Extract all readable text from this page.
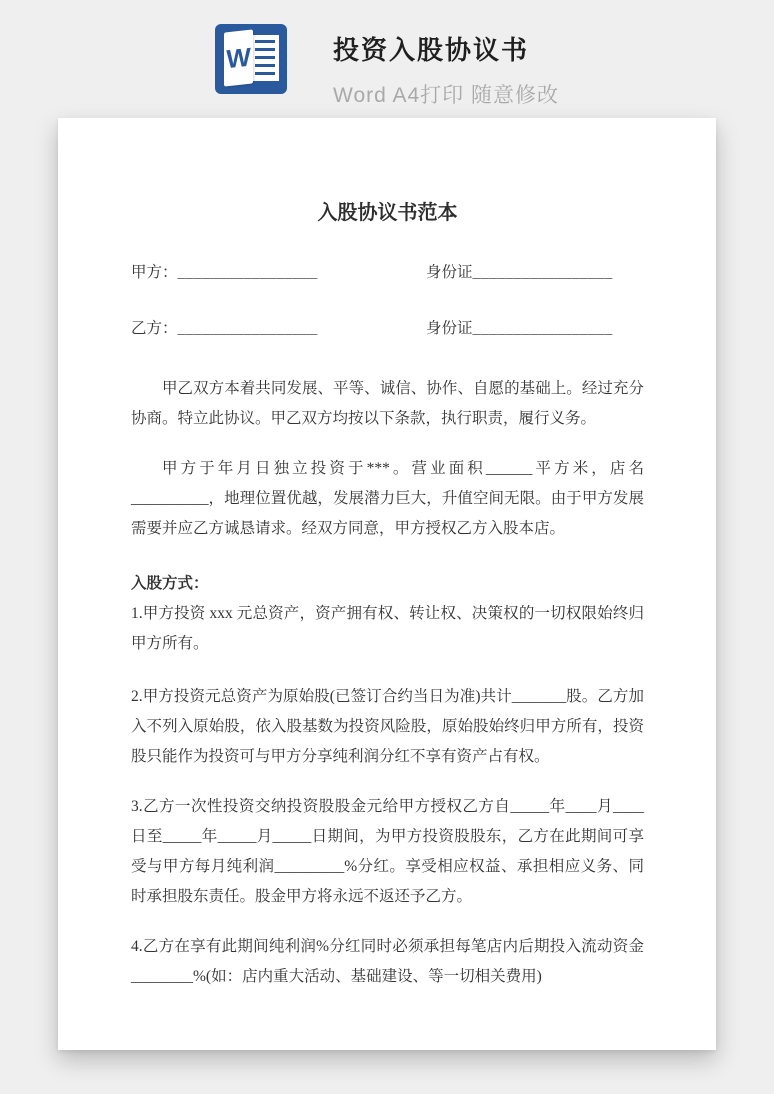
W	投资入股协议书
Word A4打印 随意修改
入股协议书范本
甲方：_________________	身份证_________________
乙方：_________________	身份证_________________

甲乙双方本着共同发展、平等、诚信、协作、自愿的基础上。经过充分协商。特立此协议。甲乙双方均按以下条款，执行职责，履行义务。

甲方于年月日独立投资于***。营业面积______平方米，店名__________，地理位置优越，发展潜力巨大，升值空间无限。由于甲方发展需要并应乙方诚恳请求。经双方同意，甲方授权乙方入股本店。

入股方式：

1.甲方投资 xxx 元总资产，资产拥有权、转让权、决策权的一切权限始终归甲方所有。

2.甲方投资元总资产为原始股(已签订合约当日为准)共计_______股。乙方加入不列入原始股，依入股基数为投资风险股，原始股始终归甲方所有，投资股只能作为投资可与甲方分享纯利润分红不享有资产占有权。

3.乙方一次性投资交纳投资股股金元给甲方授权乙方自_____年____月____日至_____年_____月_____日期间，为甲方投资股股东，乙方在此期间可享受与甲方每月纯利润_________%分红。享受相应权益、承担相应义务、同时承担股东责任。股金甲方将永远不返还予乙方。

4.乙方在享有此期间纯利润%分红同时必须承担每笔店内后期投入流动资金________%(如：店内重大活动、基础建设、等一切相关费用)
